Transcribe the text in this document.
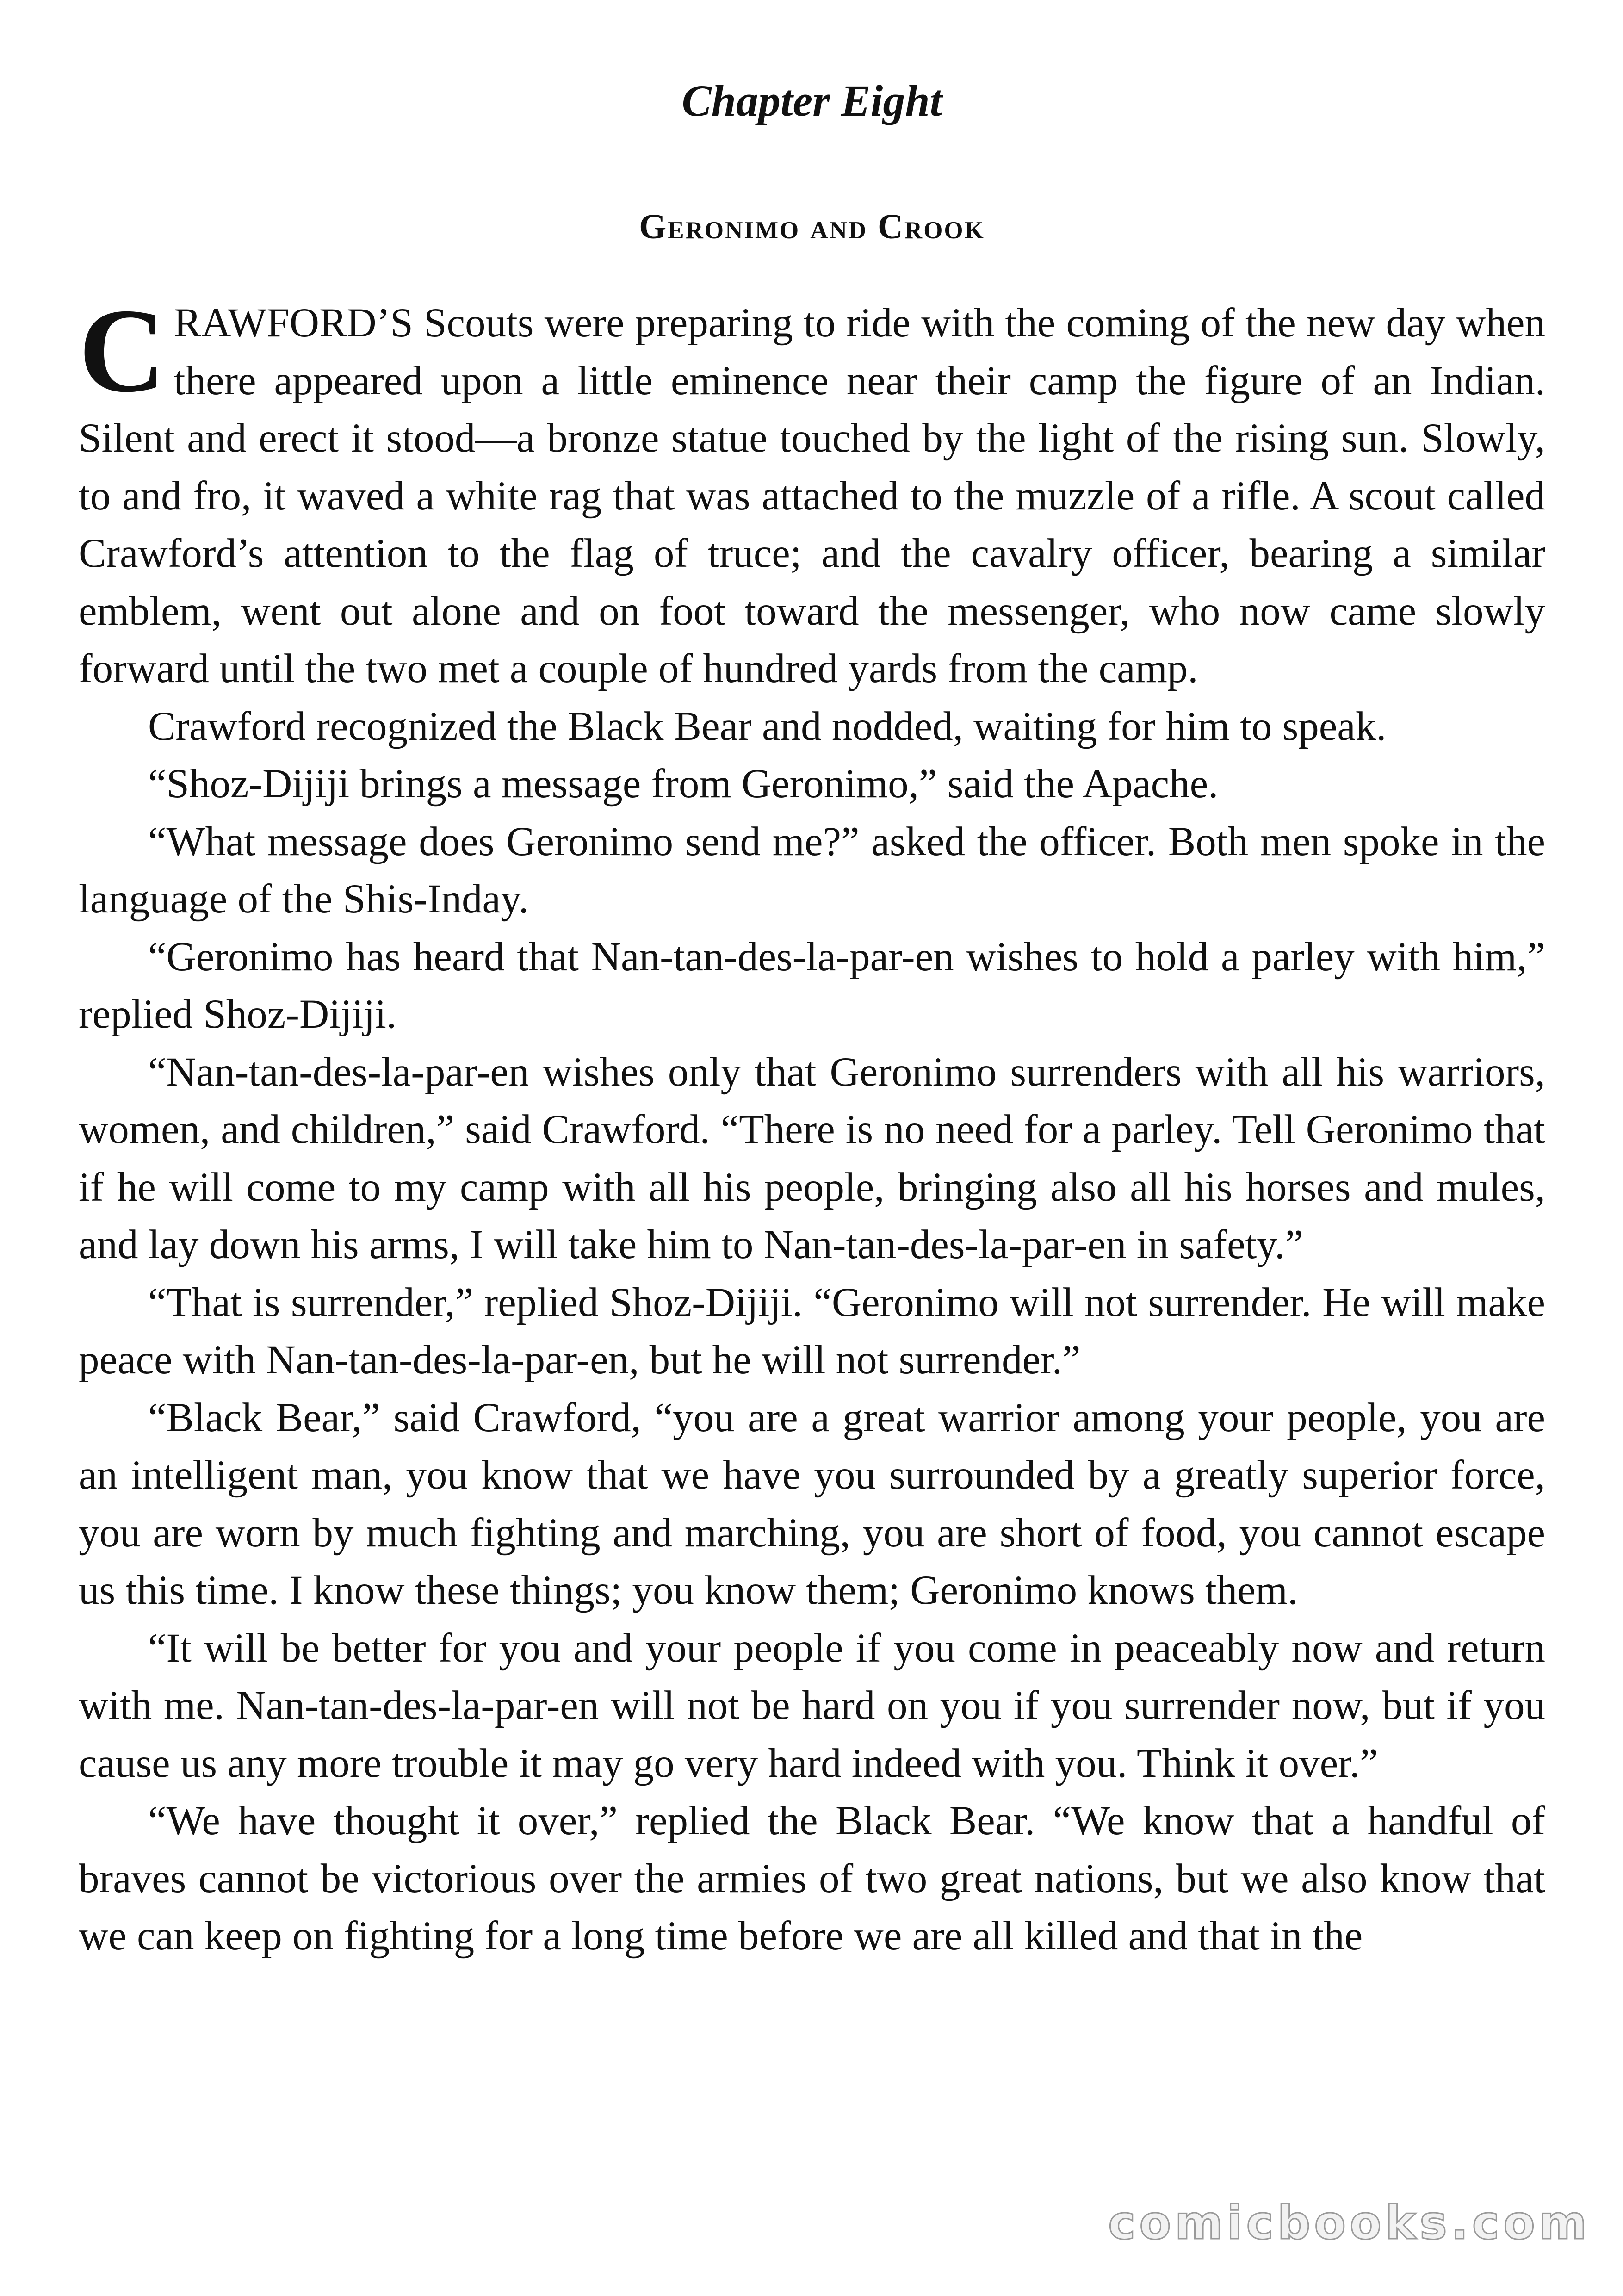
Chapter Eight
Geronimo and Crook

CRAWFORD’S Scouts were preparing to ride with the coming of the new day when there appeared upon a little eminence near their camp the figure of an Indian. Silent and erect it stood—a bronze statue touched by the light of the rising sun. Slowly, to and fro, it waved a white rag that was attached to the muzzle of a rifle. A scout called Crawford’s attention to the flag of truce; and the cavalry officer, bearing a similar emblem, went out alone and on foot toward the messenger, who now came slowly forward until the two met a couple of hundred yards from the camp.

Crawford recognized the Black Bear and nodded, waiting for him to speak.

“Shoz-Dijiji brings a message from Geronimo,” said the Apache.

“What message does Geronimo send me?” asked the officer. Both men spoke in the language of the Shis-Inday.

“Geronimo has heard that Nan-tan-des-la-par-en wishes to hold a parley with him,” replied Shoz-Dijiji.

“Nan-tan-des-la-par-en wishes only that Geronimo surrenders with all his warriors, women, and children,” said Crawford. “There is no need for a parley. Tell Geronimo that if he will come to my camp with all his people, bringing also all his horses and mules, and lay down his arms, I will take him to Nan-tan-des-la-par-en in safety.”

“That is surrender,” replied Shoz-Dijiji. “Geronimo will not surrender. He will make peace with Nan-tan-des-la-par-en, but he will not surrender.”

“Black Bear,” said Crawford, “you are a great warrior among your people, you are an intelligent man, you know that we have you surrounded by a greatly superior force, you are worn by much fighting and marching, you are short of food, you cannot escape us this time. I know these things; you know them; Geronimo knows them.

“It will be better for you and your people if you come in peaceably now and return with me. Nan-tan-des-la-par-en will not be hard on you if you surrender now, but if you cause us any more trouble it may go very hard indeed with you. Think it over.”

“We have thought it over,” replied the Black Bear. “We know that a handful of braves cannot be victorious over the armies of two great nations, but we also know that we can keep on fighting for a long time before we are all killed and that in the

comicbooks.com
